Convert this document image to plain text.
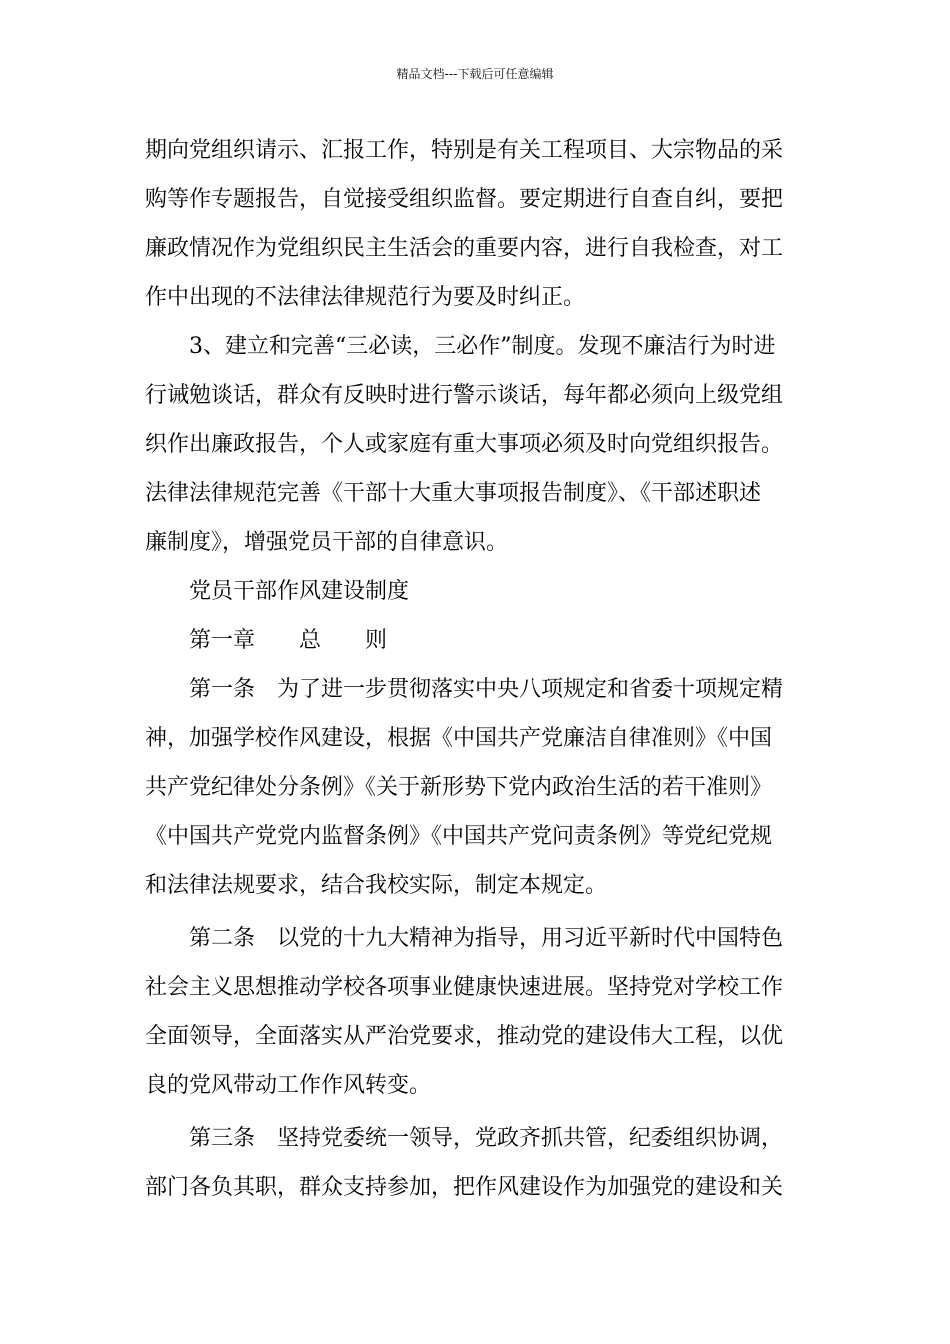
精品文档---下载后可任意编辑
期向党组织请示、汇报工作，特别是有关工程项目、大宗物品的采
购等作专题报告，自觉接受组织监督。要定期进行自查自纠，要把
廉政情况作为党组织民主生活会的重要内容，进行自我检查，对工
作中出现的不法律法律规范行为要及时纠正。
3、建立和完善“三必读，三必作”制度。发现不廉洁行为时进
行诫勉谈话，群众有反映时进行警示谈话，每年都必须向上级党组
织作出廉政报告，个人或家庭有重大事项必须及时向党组织报告。
法律法律规范完善《干部十大重大事项报告制度》、《干部述职述
廉制度》，增强党员干部的自律意识。
党员干部作风建设制度
第一章　　总　　则
第一条　为了进一步贯彻落实中央八项规定和省委十项规定精
神，加强学校作风建设，根据《中国共产党廉洁自律准则》《中国
共产党纪律处分条例》《关于新形势下党内政治生活的若干准则》
《中国共产党党内监督条例》《中国共产党问责条例》等党纪党规
和法律法规要求，结合我校实际，制定本规定。
第二条　以党的十九大精神为指导，用习近平新时代中国特色
社会主义思想推动学校各项事业健康快速进展。坚持党对学校工作
全面领导，全面落实从严治党要求，推动党的建设伟大工程，以优
良的党风带动工作作风转变。
第三条　坚持党委统一领导，党政齐抓共管，纪委组织协调，
部门各负其职，群众支持参加，把作风建设作为加强党的建设和关
